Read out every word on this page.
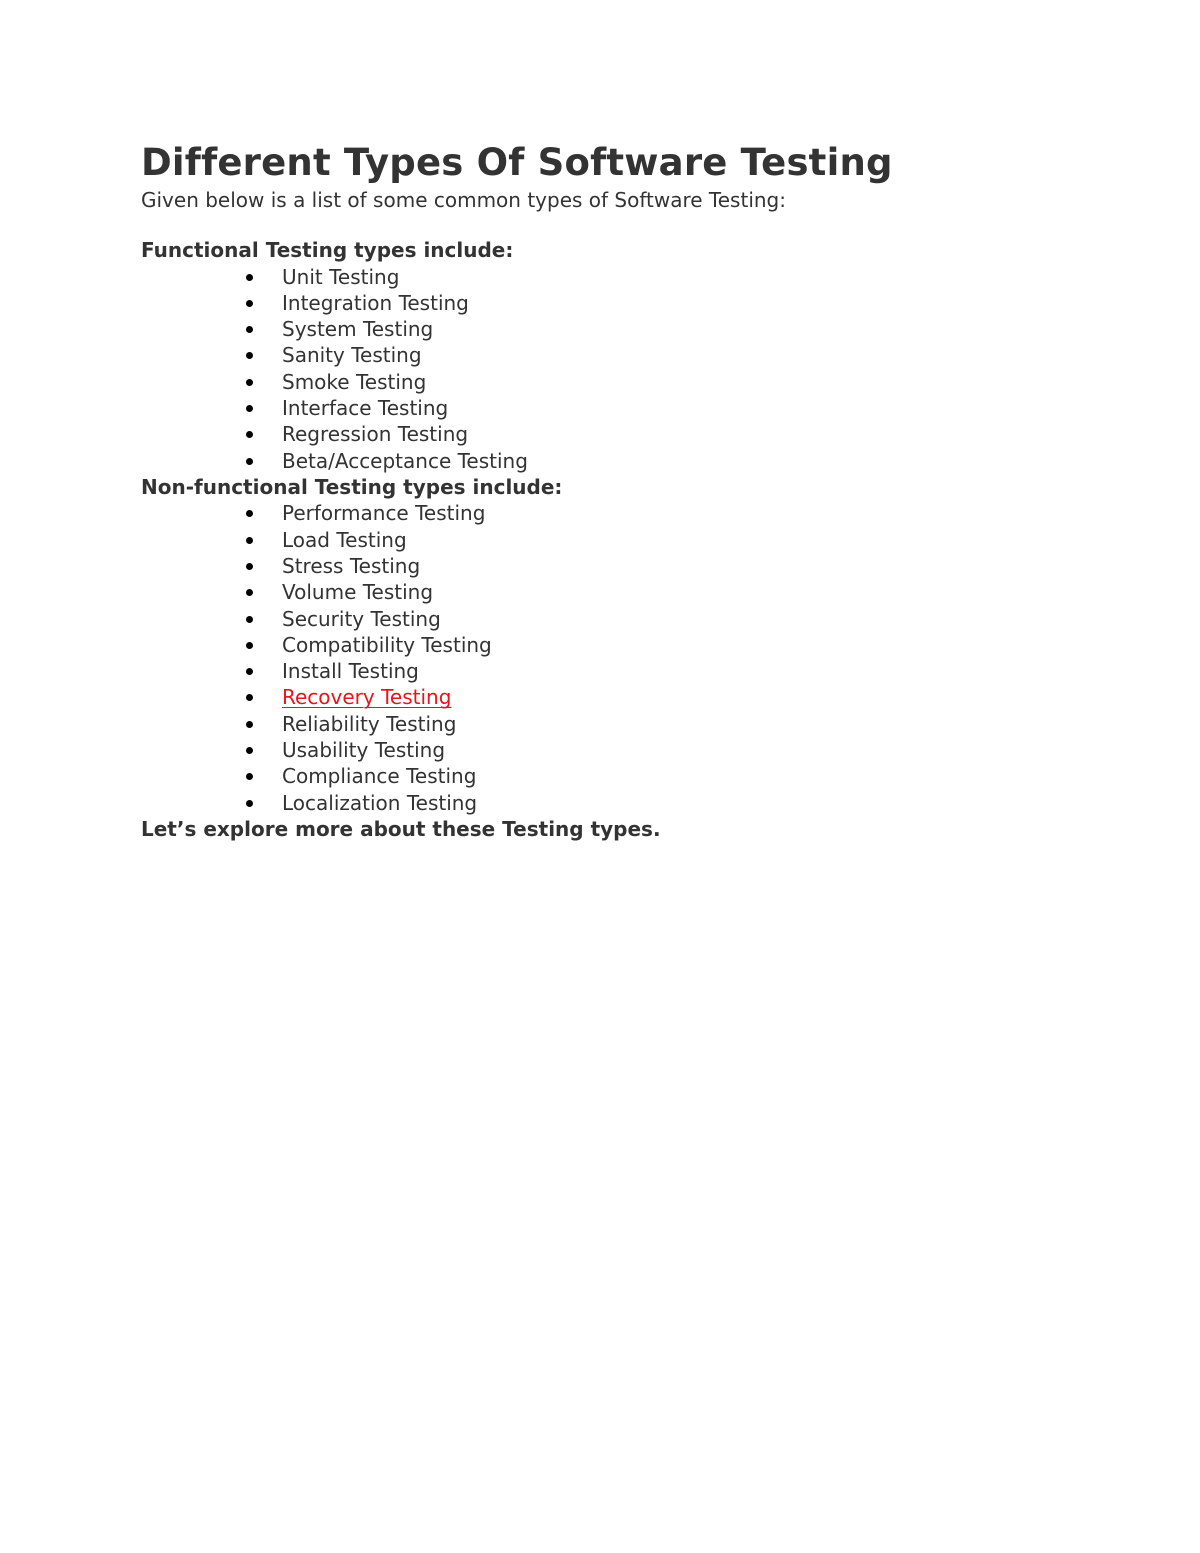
Different Types Of Software Testing

Given below is a list of some common types of Software Testing:

Functional Testing types include:

Unit Testing
Integration Testing
System Testing
Sanity Testing
Smoke Testing
Interface Testing
Regression Testing
Beta/Acceptance Testing

Non-functional Testing types include:

Performance Testing
Load Testing
Stress Testing
Volume Testing
Security Testing
Compatibility Testing
Install Testing
Recovery Testing
Reliability Testing
Usability Testing
Compliance Testing
Localization Testing

Let’s explore more about these Testing types.
